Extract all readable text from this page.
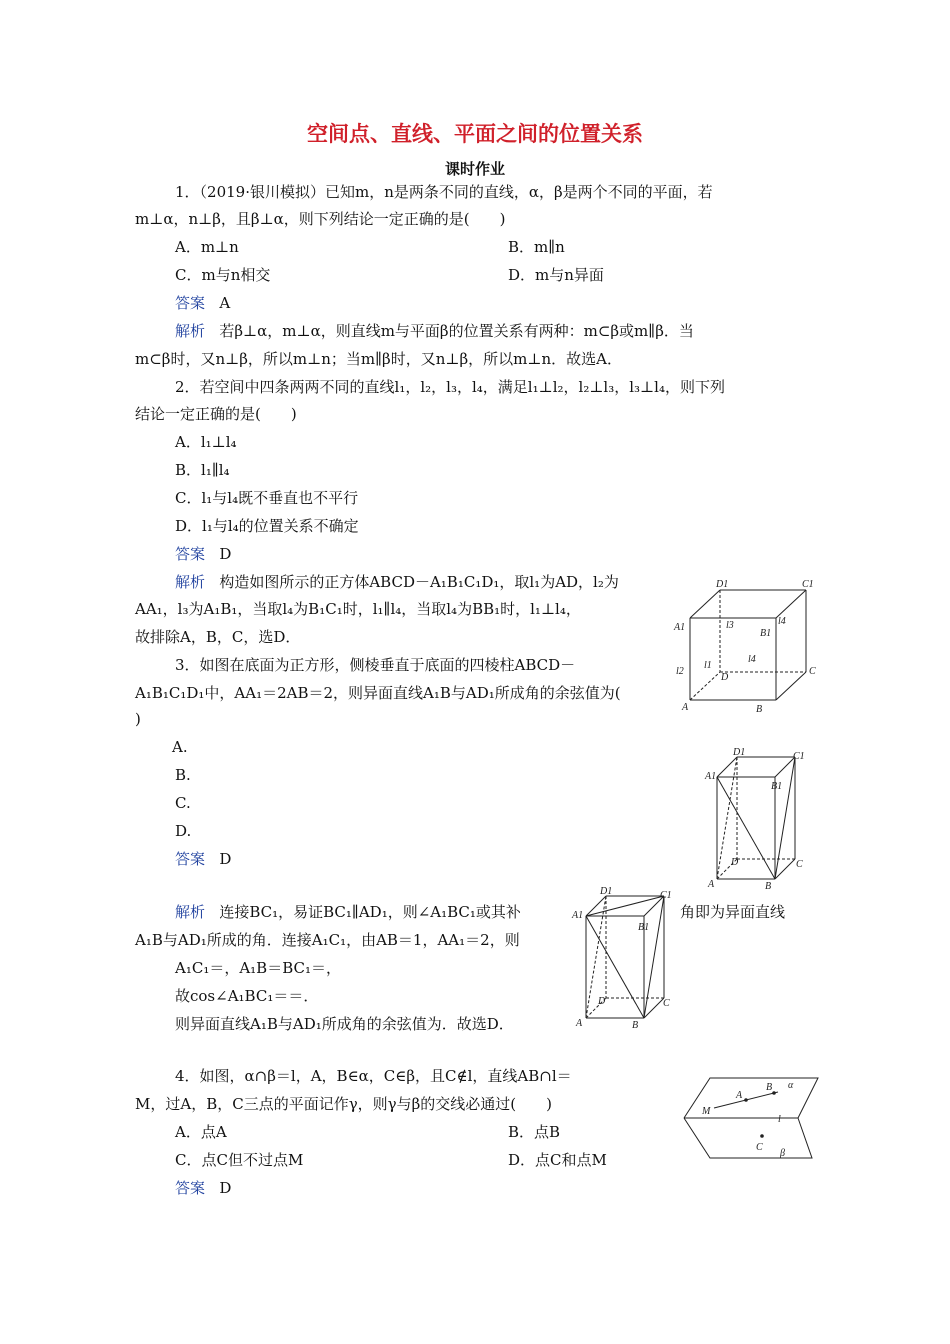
空间点、直线、平面之间的位置关系
课时作业
1．（2019·银川模拟）已知m，n是两条不同的直线，α，β是两个不同的平面，若
m⊥α，n⊥β，且β⊥α，则下列结论一定正确的是(　　)
A．m⊥n	B．m∥n
C．m与n相交	D．m与n异面
答案 A
解析 若β⊥α，m⊥α，则直线m与平面β的位置关系有两种：m⊂β或m∥β．当
m⊂β时，又n⊥β，所以m⊥n；当m∥β时，又n⊥β，所以m⊥n．故选A．
2．若空间中四条两两不同的直线l₁，l₂，l₃，l₄，满足l₁⊥l₂，l₂⊥l₃，l₃⊥l₄，则下列
结论一定正确的是(　　)
A．l₁⊥l₄
B．l₁∥l₄
C．l₁与l₄既不垂直也不平行
D．l₁与l₄的位置关系不确定
答案 D
解析 构造如图所示的正方体ABCD－A₁B₁C₁D₁，取l₁为AD，l₂为
AA₁，l₃为A₁B₁，当取l₄为B₁C₁时，l₁∥l₄，当取l₄为BB₁时，l₁⊥l₄，
故排除A，B，C，选D．
D1	C1
A1
B1
l3	l4
l2
l1
l4
D
C
A	B
3．如图在底面为正方形，侧棱垂直于底面的四棱柱ABCD－
A₁B₁C₁D₁中，AA₁＝2AB＝2，则异面直线A₁B与AD₁所成角的余弦值为(
)
A.
B.
C.
D.
答案 D
D1	C1
A1
B1
D	C
A	B
解析 连接BC₁，易证BC₁∥AD₁，则∠A₁BC₁或其补	角即为异面直线
A₁B与AD₁所成的角．连接A₁C₁，由AB＝1，AA₁＝2，则
A₁C₁＝，A₁B＝BC₁＝，
故cos∠A₁BC₁＝＝．
则异面直线A₁B与AD₁所成角的余弦值为．故选D．
D1	C1
A1
B1
D	C
A	B
4．如图，α∩β＝l，A，B∈α，C∈β，且C∉l，直线AB∩l＝
M，过A，B，C三点的平面记作γ，则γ与β的交线必通过(　　)
A．点A	B．点B
C．点C但不过点M	D．点C和点M
答案 D
M
A
B α
l
C
β
